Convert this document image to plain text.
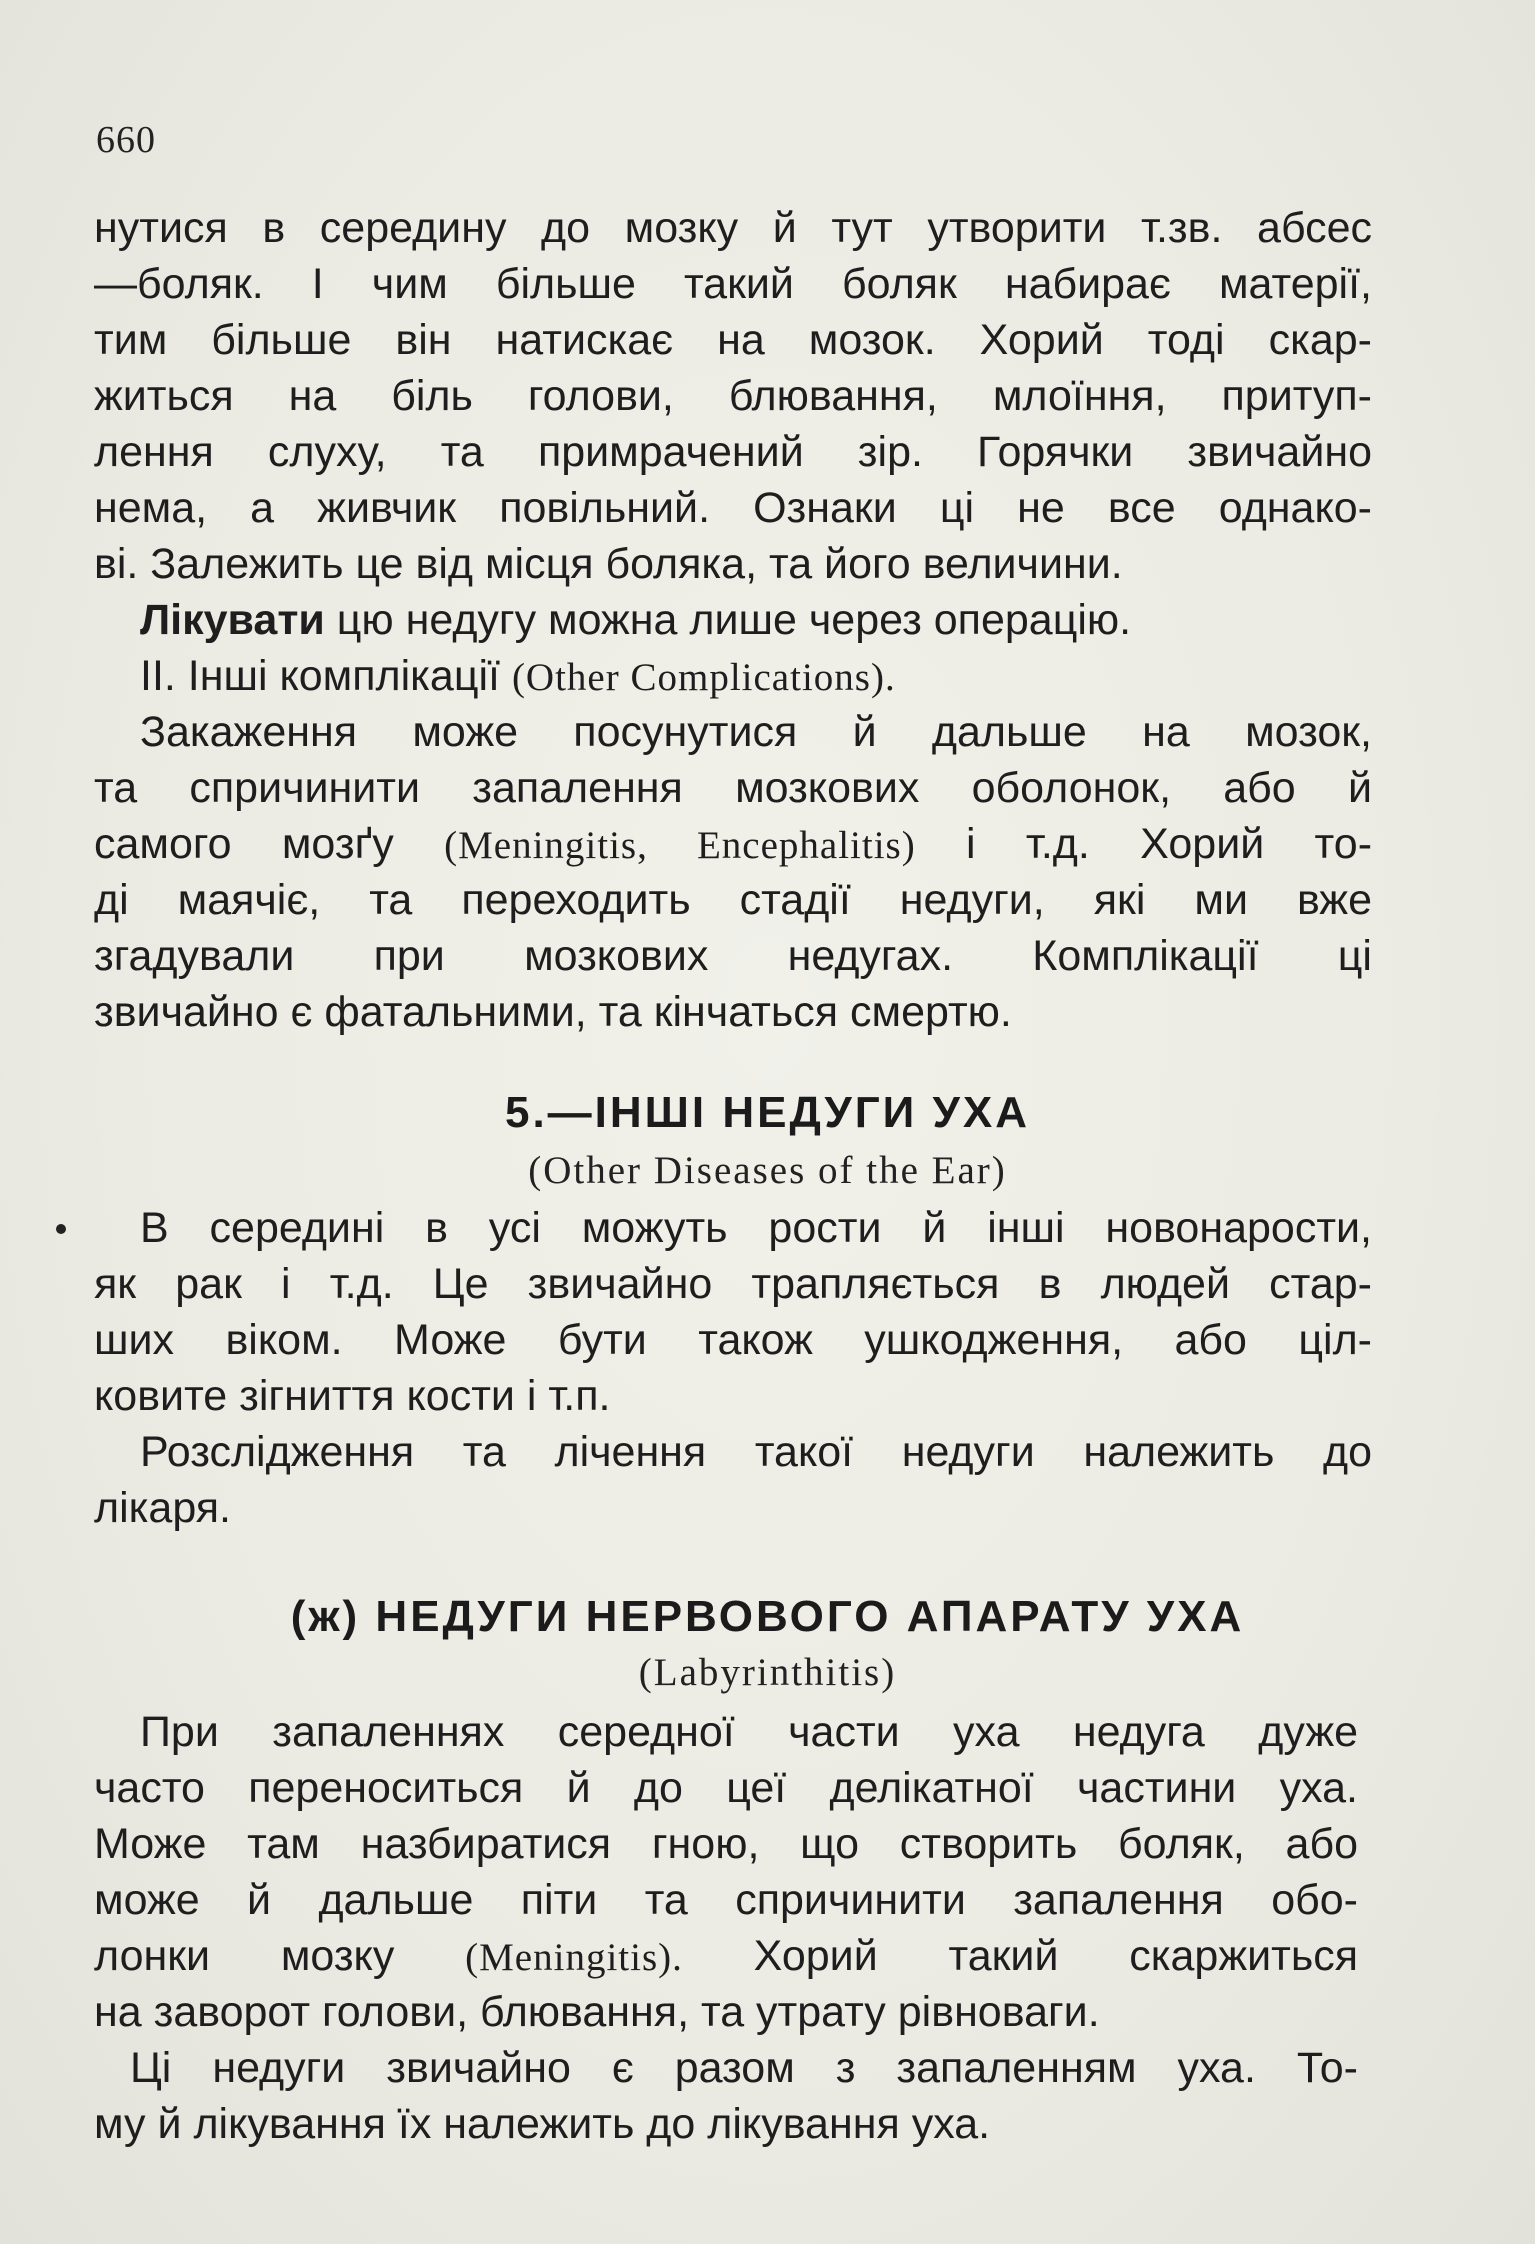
660
нутися в середину до мозку й тут утворити т.зв. абсес
—боляк. І чим більше такий боляк набирає матерії,
тим більше він натискає на мозок. Хорий тоді скар-
житься на біль голови, блювання, млоїння, притуп-
лення слуху, та примрачений зір. Горячки звичайно
нема, а живчик повільний. Ознаки ці не все однако-
ві. Залежить це від місця боляка, та його величини.
Лікувати цю недугу можна лише через операцію.
ІІ. Інші комплікації (Other Complications).
Закаження може посунутися й дальше на мозок,
та спричинити запалення мозкових оболонок, або й
самого мозґу (Meningitis, Encephalitis) і т.д. Хорий то-
ді маячіє, та переходить стадії недуги, які ми вже
згадували при мозкових недугах. Комплікації ці
звичайно є фатальними, та кінчаться смертю.
5.—ІНШІ НЕДУГИ УХА
(Other Diseases of the Ear)
В середині в усі можуть рости й інші новонарости,
як рак і т.д. Це звичайно трапляється в людей стар-
ших віком. Може бути також ушкодження, або ціл-
ковите зігниття кости і т.п.
Розслідження та лічення такої недуги належить до
лікаря.
(ж) НЕДУГИ НЕРВОВОГО АПАРАТУ УХА
(Labyrinthitis)
При запаленнях середної части уха недуга дуже
часто переноситься й до цеї делікатної частини уха.
Може там назбиратися гною, що створить боляк, або
може й дальше піти та спричинити запалення обо-
лонки мозку (Meningitis). Хорий такий скаржиться
на заворот голови, блювання, та утрату рівноваги.
Ці недуги звичайно є разом з запаленням уха. То-
му й лікування їх належить до лікування уха.
